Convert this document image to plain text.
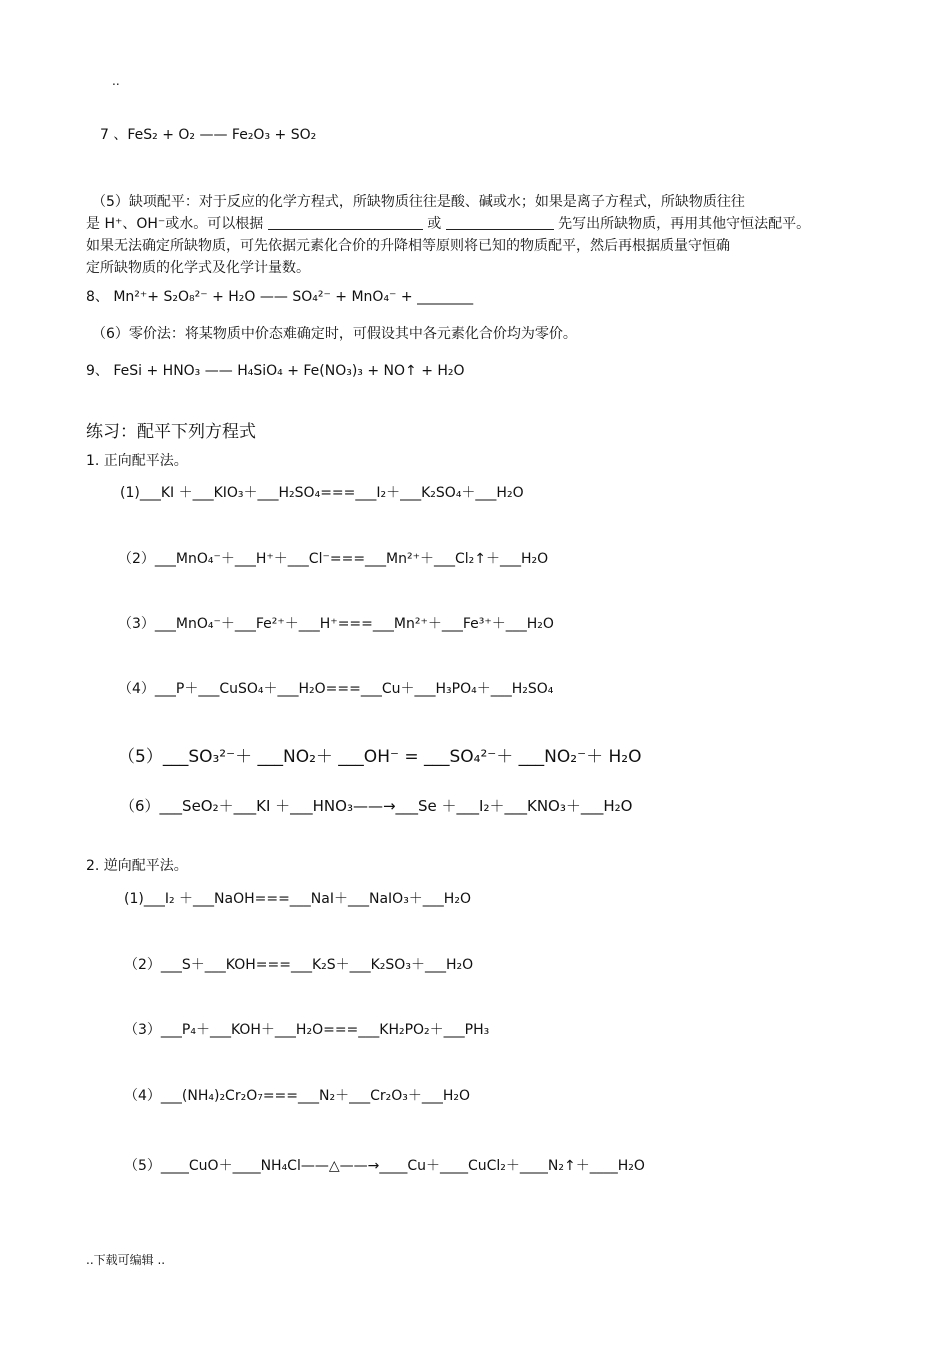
..
7 、FeS₂ + O₂ —— Fe₂O₃ + SO₂
（5）缺项配平：对于反应的化学方程式，所缺物质往往是酸、碱或水；如果是离子方程式，所缺物质往往
是 H⁺、OH⁻或水。可以根据	或	先写出所缺物质，再用其他守恒法配平。
如果无法确定所缺物质，可先依据元素化合价的升降相等原则将已知的物质配平，然后再根据质量守恒确
定所缺物质的化学式及化学计量数。
8、 Mn²⁺+ S₂O₈²⁻ + H₂O —— SO₄²⁻ + MnO₄⁻ + ________
（6）零价法：将某物质中价态难确定时，可假设其中各元素化合价均为零价。
9、 FeSi + HNO₃ —— H₄SiO₄ + Fe(NO₃)₃ + NO↑ + H₂O
练习：配平下列方程式
1. 正向配平法。
(1)___KI ＋___KIO₃＋___H₂SO₄===___I₂＋___K₂SO₄＋___H₂O
（2）___MnO₄⁻＋___H⁺＋___Cl⁻===___Mn²⁺＋___Cl₂↑＋___H₂O
（3）___MnO₄⁻＋___Fe²⁺＋___H⁺===___Mn²⁺＋___Fe³⁺＋___H₂O
（4）___P＋___CuSO₄＋___H₂O===___Cu＋___H₃PO₄＋___H₂SO₄
（5）___SO₃²⁻＋ ___NO₂＋ ___OH⁻ = ___SO₄²⁻＋ ___NO₂⁻＋ H₂O
（6）___SeO₂＋___KI ＋___HNO₃——→___Se ＋___I₂＋___KNO₃＋___H₂O
2. 逆向配平法。
(1)___I₂ ＋___NaOH===___NaI＋___NaIO₃＋___H₂O
（2）___S＋___KOH===___K₂S＋___K₂SO₃＋___H₂O
（3）___P₄＋___KOH＋___H₂O===___KH₂PO₂＋___PH₃
（4）___(NH₄)₂Cr₂O₇===___N₂＋___Cr₂O₃＋___H₂O
（5）____CuO＋____NH₄Cl——△——→____Cu＋____CuCl₂＋____N₂↑＋____H₂O
..下载可编辑 ..
